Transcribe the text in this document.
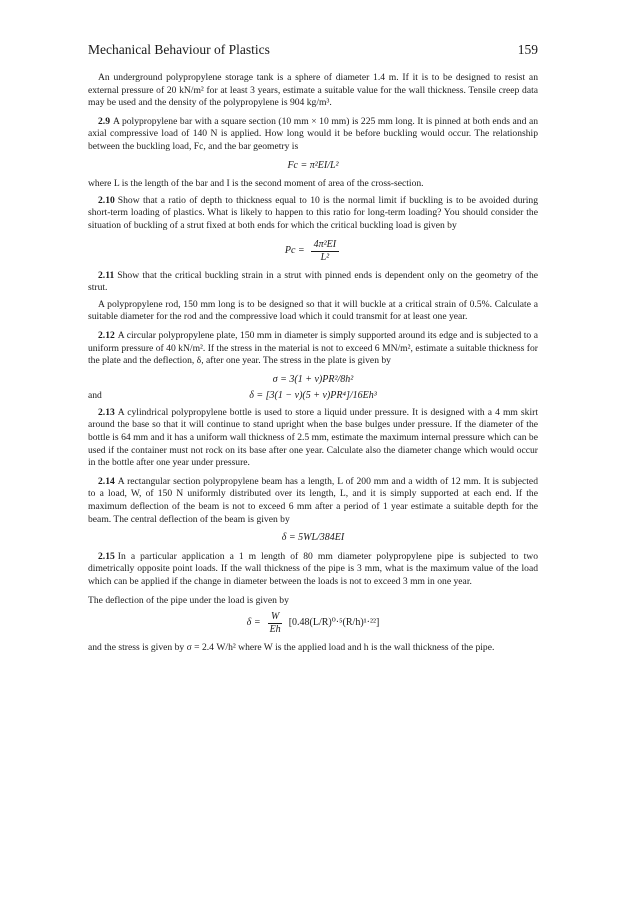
Mechanical Behaviour of Plastics	159

An underground polypropylene storage tank is a sphere of diameter 1.4 m. If it is to be designed to resist an external pressure of 20 kN/m² for at least 3 years, estimate a suitable value for the wall thickness. Tensile creep data may be used and the density of the polypropylene is 904 kg/m³.

2.9 A polypropylene bar with a square section (10 mm × 10 mm) is 225 mm long. It is pinned at both ends and an axial compressive load of 140 N is applied. How long would it be before buckling would occur. The relationship between the buckling load, Fc, and the bar geometry is

Fc = π²EI/L²

where L is the length of the bar and I is the second moment of area of the cross-section.

2.10 Show that a ratio of depth to thickness equal to 10 is the normal limit if buckling is to be avoided during short-term loading of plastics. What is likely to happen to this ratio for long-term loading? You should consider the situation of buckling of a strut fixed at both ends for which the critical buckling load is given by

$Pc = \frac{\text{4π²EI}}{\text{L²}}$

2.11 Show that the critical buckling strain in a strut with pinned ends is dependent only on the geometry of the strut.

A polypropylene rod, 150 mm long is to be designed so that it will buckle at a critical strain of 0.5%. Calculate a suitable diameter for the rod and the compressive load which it could transmit for at least one year.

2.12 A circular polypropylene plate, 150 mm in diameter is simply supported around its edge and is subjected to a uniform pressure of 40 kN/m². If the stress in the material is not to exceed 6 MN/m², estimate a suitable thickness for the plate and the deflection, δ, after one year. The stress in the plate is given by

σ = 3(1 + ν)PR²/8h²
and	δ = [3(1 − ν)(5 + ν)PR⁴]/16Eh³

2.13 A cylindrical polypropylene bottle is used to store a liquid under pressure. It is designed with a 4 mm skirt around the base so that it will continue to stand upright when the base bulges under pressure. If the diameter of the bottle is 64 mm and it has a uniform wall thickness of 2.5 mm, estimate the maximum internal pressure which can be used if the container must not rock on its base after one year. Calculate also the diameter change which would occur in the bottle after one year under pressure.

2.14 A rectangular section polypropylene beam has a length, L of 200 mm and a width of 12 mm. It is subjected to a load, W, of 150 N uniformly distributed over its length, L, and it is simply supported at each end. If the maximum deflection of the beam is not to exceed 6 mm after a period of 1 year estimate a suitable depth for the beam. The central deflection of the beam is given by

δ = 5WL/384EI

2.15 In a particular application a 1 m length of 80 mm diameter polypropylene pipe is subjected to two dimetrically opposite point loads. If the wall thickness of the pipe is 3 mm, what is the maximum value of the load which can be applied if the change in diameter between the loads is not to exceed 3 mm in one year.

The deflection of the pipe under the load is given by

$\delta = \frac{W}{Eh} [0.48(L/R)^0\cdot^5(R/h)^1\cdot^{22}]$

and the stress is given by σ = 2.4 W/h² where W is the applied load and h is the wall thickness of the pipe.
